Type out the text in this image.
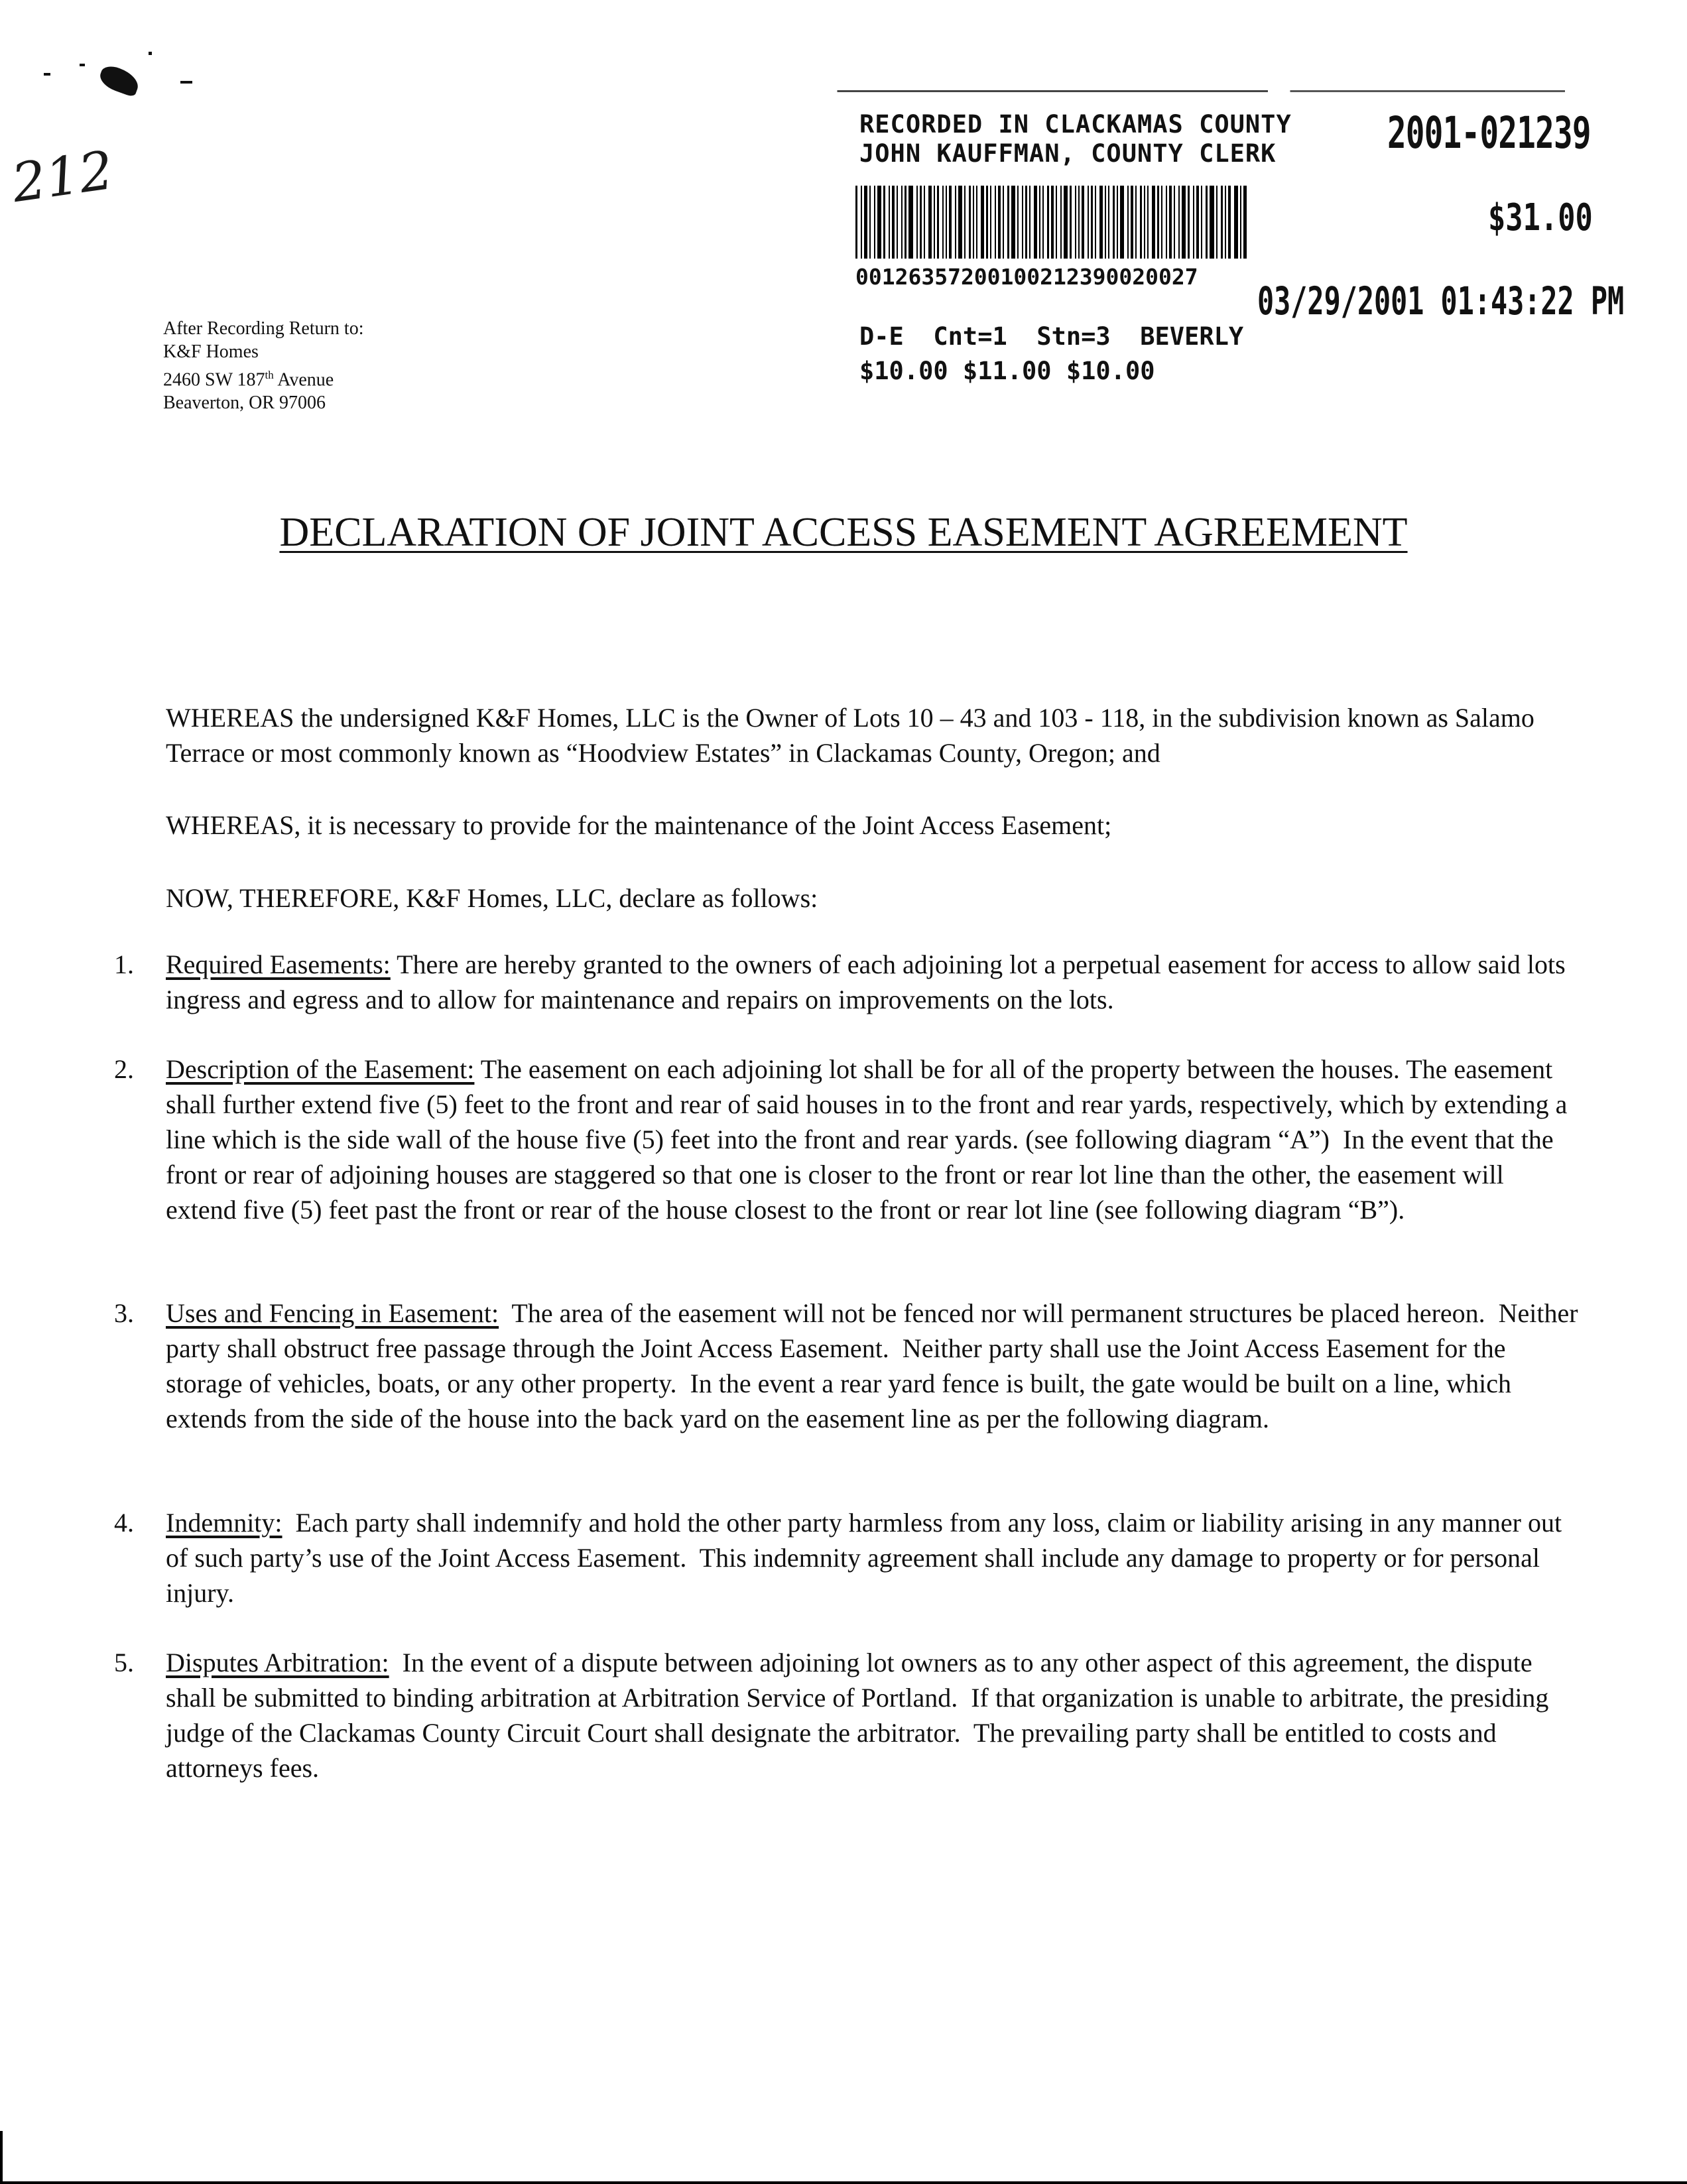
212
RECORDED IN CLACKAMAS COUNTY
JOHN KAUFFMAN, COUNTY CLERK	2001-021239
$31.00
00126357200100212390020027
03/29/2001 01:43:22 PM
D-E  Cnt=1  Stn=3  BEVERLY
$10.00 $11.00 $10.00
After Recording Return to:
K&F Homes
2460 SW 187th Avenue
Beaverton, OR 97006
DECLARATION OF JOINT ACCESS EASEMENT AGREEMENT
WHEREAS the undersigned K&F Homes, LLC is the Owner of Lots 10 – 43 and 103 - 118, in the subdivision known as Salamo Terrace or most commonly known as “Hoodview Estates” in Clackamas County, Oregon; and
WHEREAS, it is necessary to provide for the maintenance of the Joint Access Easement;
NOW, THEREFORE, K&F Homes, LLC, declare as follows:
1.	Required Easements: There are hereby granted to the owners of each adjoining lot a perpetual easement for access to allow said lots ingress and egress and to allow for maintenance and repairs on improvements on the lots.
2.	Description of the Easement: The easement on each adjoining lot shall be for all of the property between the houses. The easement shall further extend five (5) feet to the front and rear of said houses in to the front and rear yards, respectively, which by extending a line which is the side wall of the house five (5) feet into the front and rear yards. (see following diagram “A”)  In the event that the front or rear of adjoining houses are staggered so that one is closer to the front or rear lot line than the other, the easement will extend five (5) feet past the front or rear of the house closest to the front or rear lot line (see following diagram “B”).
3.	Uses and Fencing in Easement:  The area of the easement will not be fenced nor will permanent structures be placed hereon.  Neither party shall obstruct free passage through the Joint Access Easement.  Neither party shall use the Joint Access Easement for the storage of vehicles, boats, or any other property.  In the event a rear yard fence is built, the gate would be built on a line, which extends from the side of the house into the back yard on the easement line as per the following diagram.
4.	Indemnity:  Each party shall indemnify and hold the other party harmless from any loss, claim or liability arising in any manner out of such party’s use of the Joint Access Easement.  This indemnity agreement shall include any damage to property or for personal injury.
5.	Disputes Arbitration:  In the event of a dispute between adjoining lot owners as to any other aspect of this agreement, the dispute shall be submitted to binding arbitration at Arbitration Service of Portland.  If that organization is unable to arbitrate, the presiding judge of the Clackamas County Circuit Court shall designate the arbitrator.  The prevailing party shall be entitled to costs and attorneys fees.
